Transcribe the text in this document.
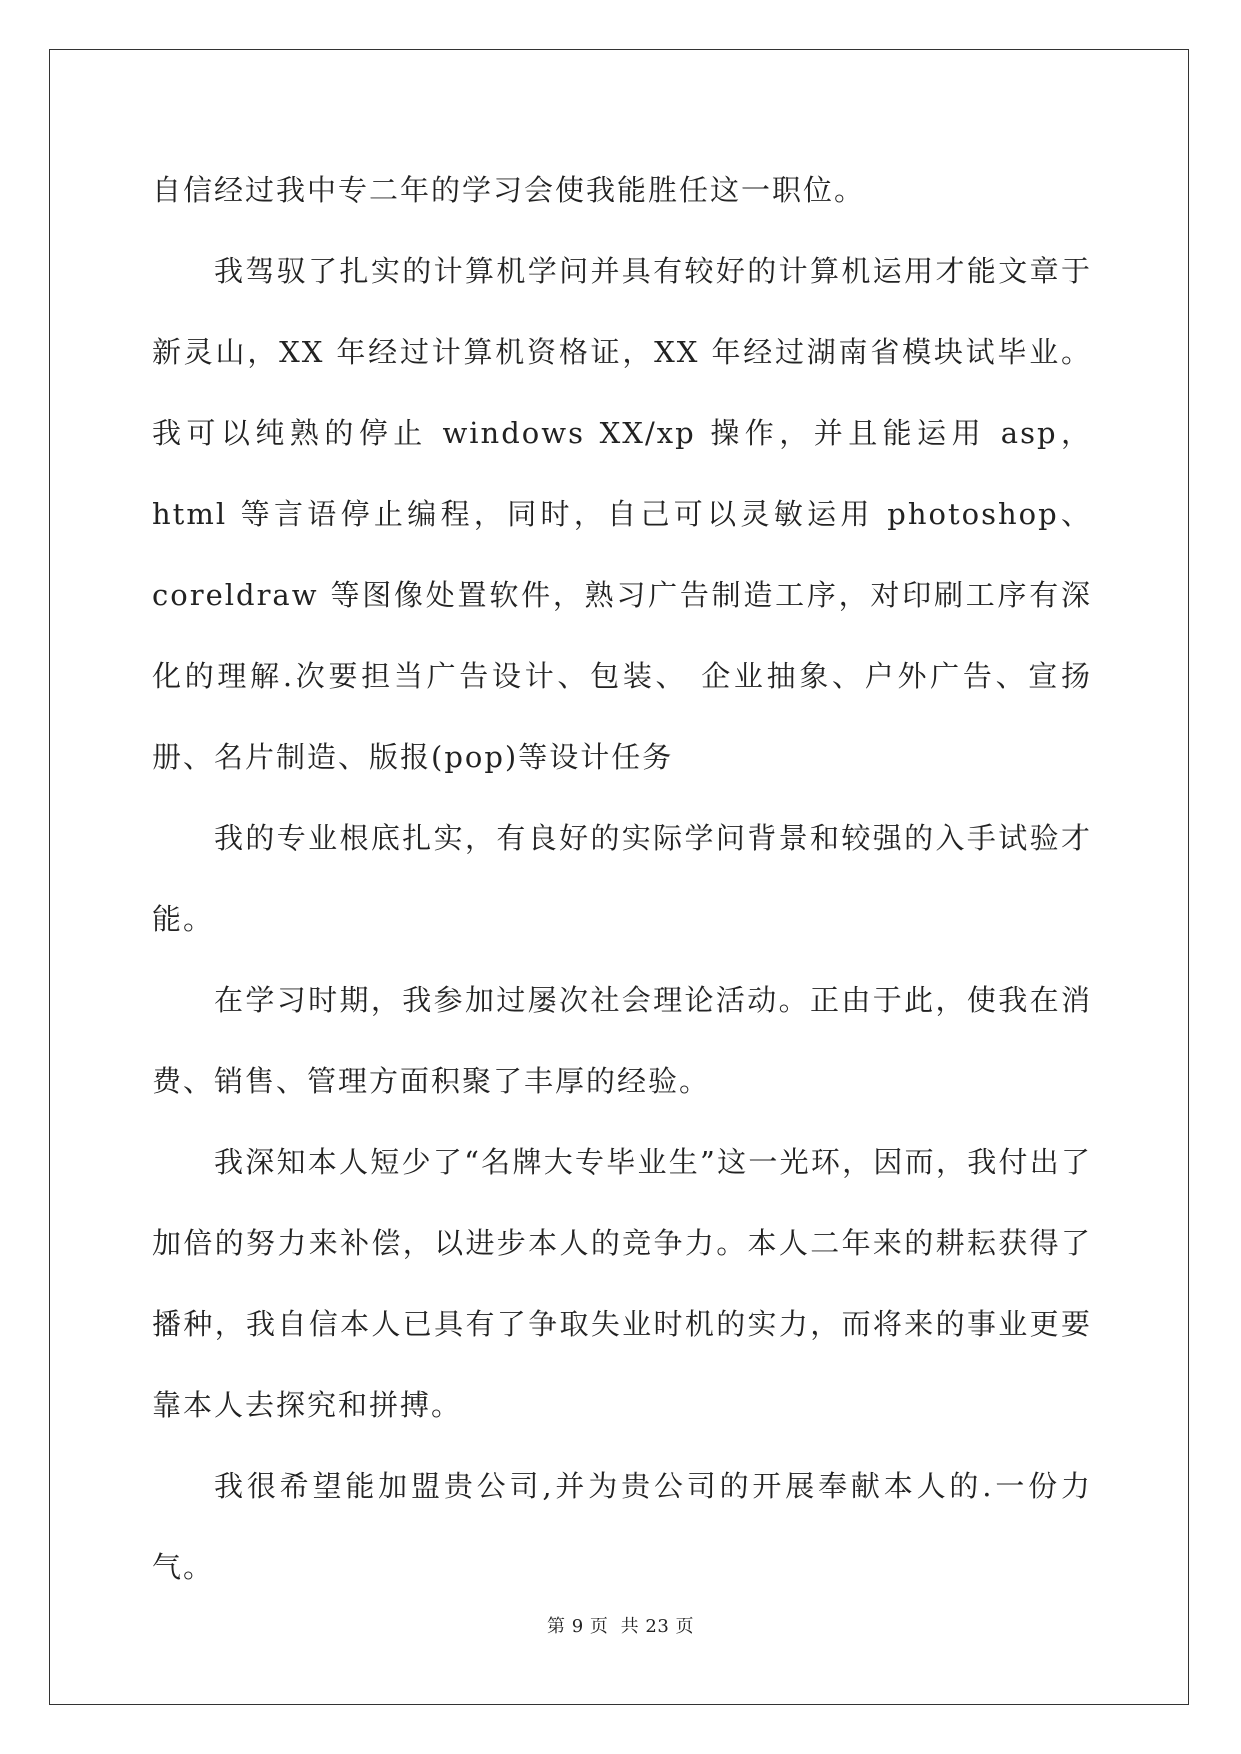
自信经过我中专二年的学习会使我能胜任这一职位。

我驾驭了扎实的计算机学问并具有较好的计算机运用才能文章于新灵山，XX 年经过计算机资格证，XX 年经过湖南省模块试毕业。我可以纯熟的停止 windows XX/xp 操作，并且能运用 asp，html 等言语停止编程，同时，自己可以灵敏运用 photoshop、coreldraw 等图像处置软件，熟习广告制造工序，对印刷工序有深化的理解.次要担当广告设计、包装、 企业抽象、户外广告、宣扬册、名片制造、版报(pop)等设计任务

我的专业根底扎实，有良好的实际学问背景和较强的入手试验才能。

在学习时期，我参加过屡次社会理论活动。正由于此，使我在消费、销售、管理方面积聚了丰厚的经验。

我深知本人短少了“名牌大专毕业生”这一光环，因而，我付出了加倍的努力来补偿，以进步本人的竞争力。本人二年来的耕耘获得了播种，我自信本人已具有了争取失业时机的实力，而将来的事业更要靠本人去探究和拼搏。

我很希望能加盟贵公司,并为贵公司的开展奉献本人的.一份力气。

第 9 页 共 23 页
